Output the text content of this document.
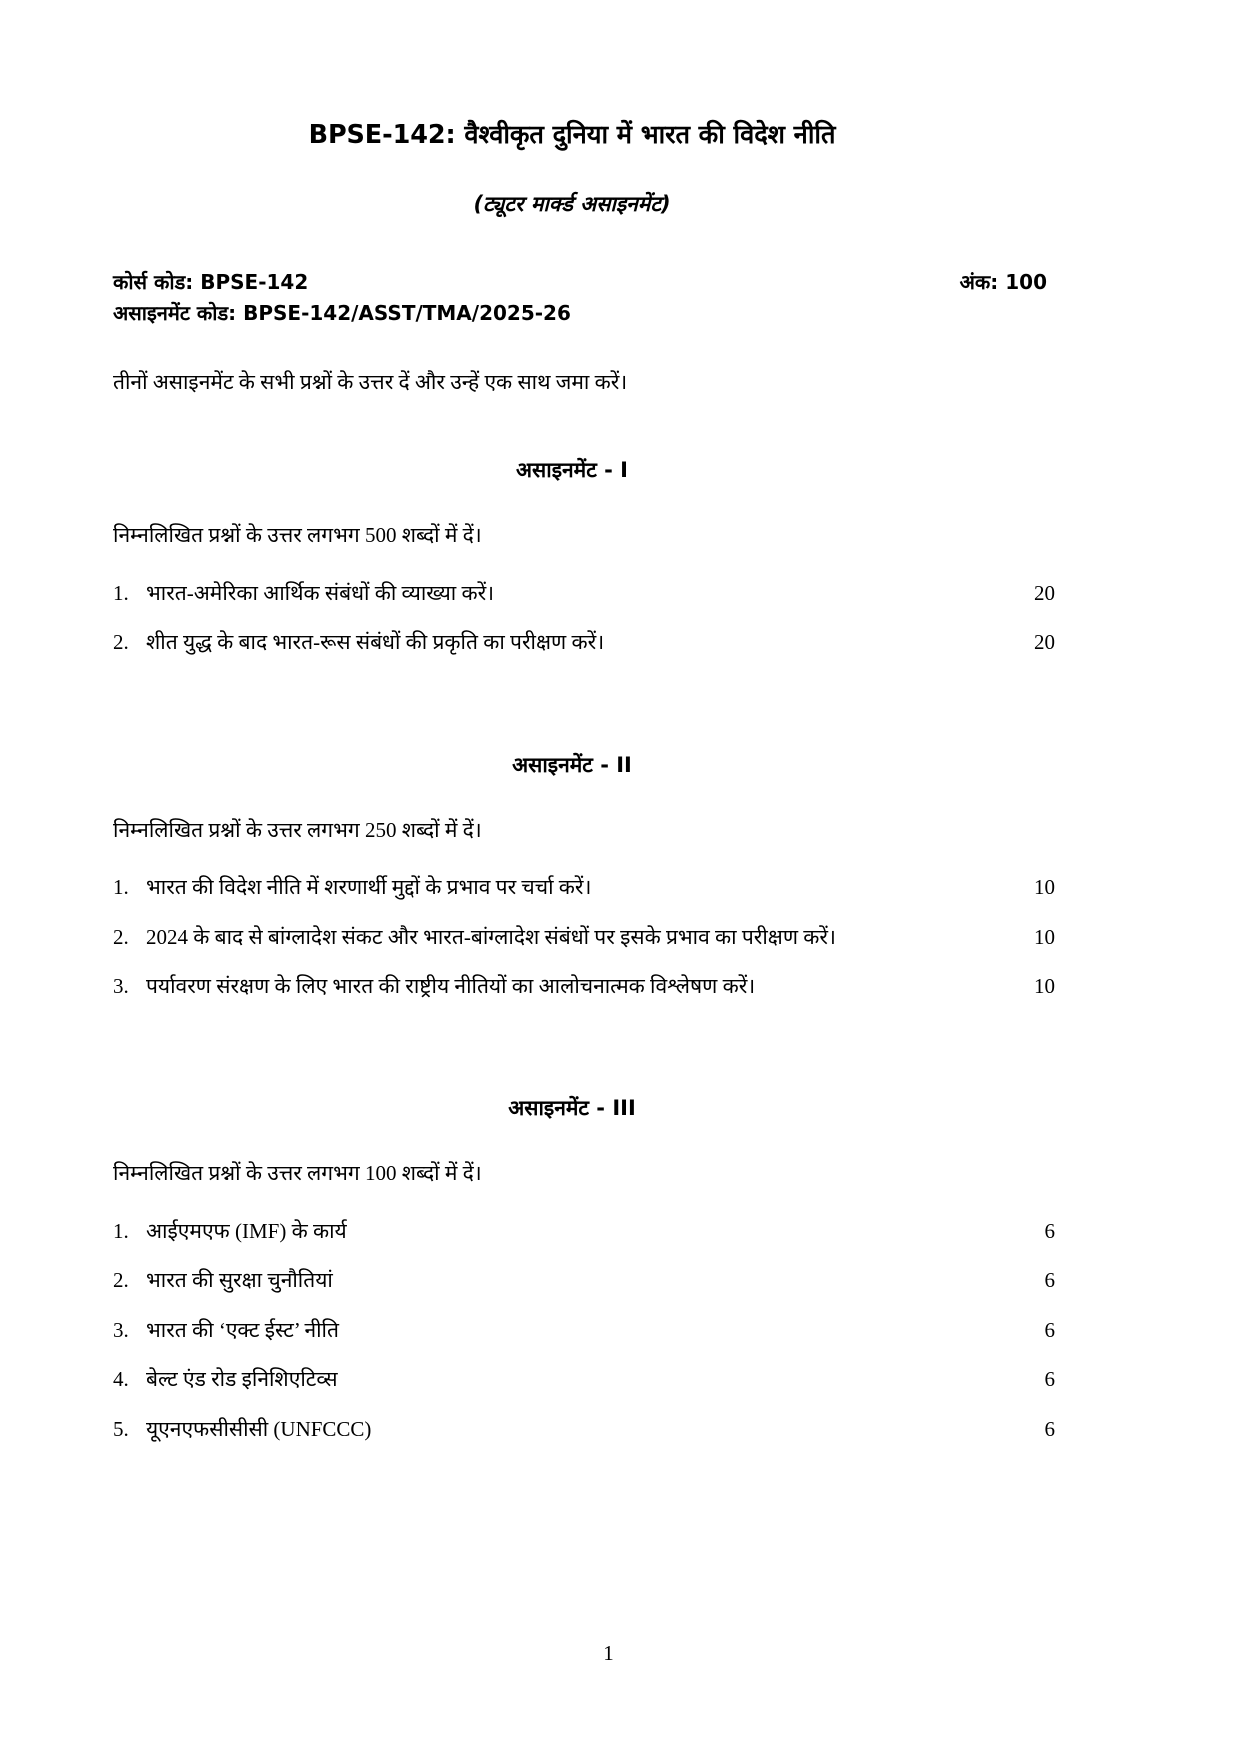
BPSE-142: वैश्वीकृत दुनिया में भारत की विदेश नीति
(ट्यूटर मार्क्ड असाइनमेंट)
कोर्स कोड: BPSE-142	अंक: 100
असाइनमेंट कोड: BPSE-142/ASST/TMA/2025-26

तीनों असाइनमेंट के सभी प्रश्नों के उत्तर दें और उन्हें एक साथ जमा करें।

असाइनमेंट - I

निम्नलिखित प्रश्नों के उत्तर लगभग 500 शब्दों में दें।

1. भारत-अमेरिका आर्थिक संबंधों की व्याख्या करें।	20
2. शीत युद्ध के बाद भारत-रूस संबंधों की प्रकृति का परीक्षण करें।	20
असाइनमेंट - II

निम्नलिखित प्रश्नों के उत्तर लगभग 250 शब्दों में दें।

1. भारत की विदेश नीति में शरणार्थी मुद्दों के प्रभाव पर चर्चा करें।	10
2. 2024 के बाद से बांग्लादेश संकट और भारत-बांग्लादेश संबंधों पर इसके प्रभाव का परीक्षण करें।	10
3. पर्यावरण संरक्षण के लिए भारत की राष्ट्रीय नीतियों का आलोचनात्मक विश्लेषण करें।	10
असाइनमेंट - III

निम्नलिखित प्रश्नों के उत्तर लगभग 100 शब्दों में दें।

1. आईएमएफ (IMF) के कार्य	6
2. भारत की सुरक्षा चुनौतियां	6
3. भारत की ‘एक्ट ईस्ट’ नीति	6
4. बेल्ट एंड रोड इनिशिएटिव्स	6
5. यूएनएफसीसीसी (UNFCCC)	6
1
